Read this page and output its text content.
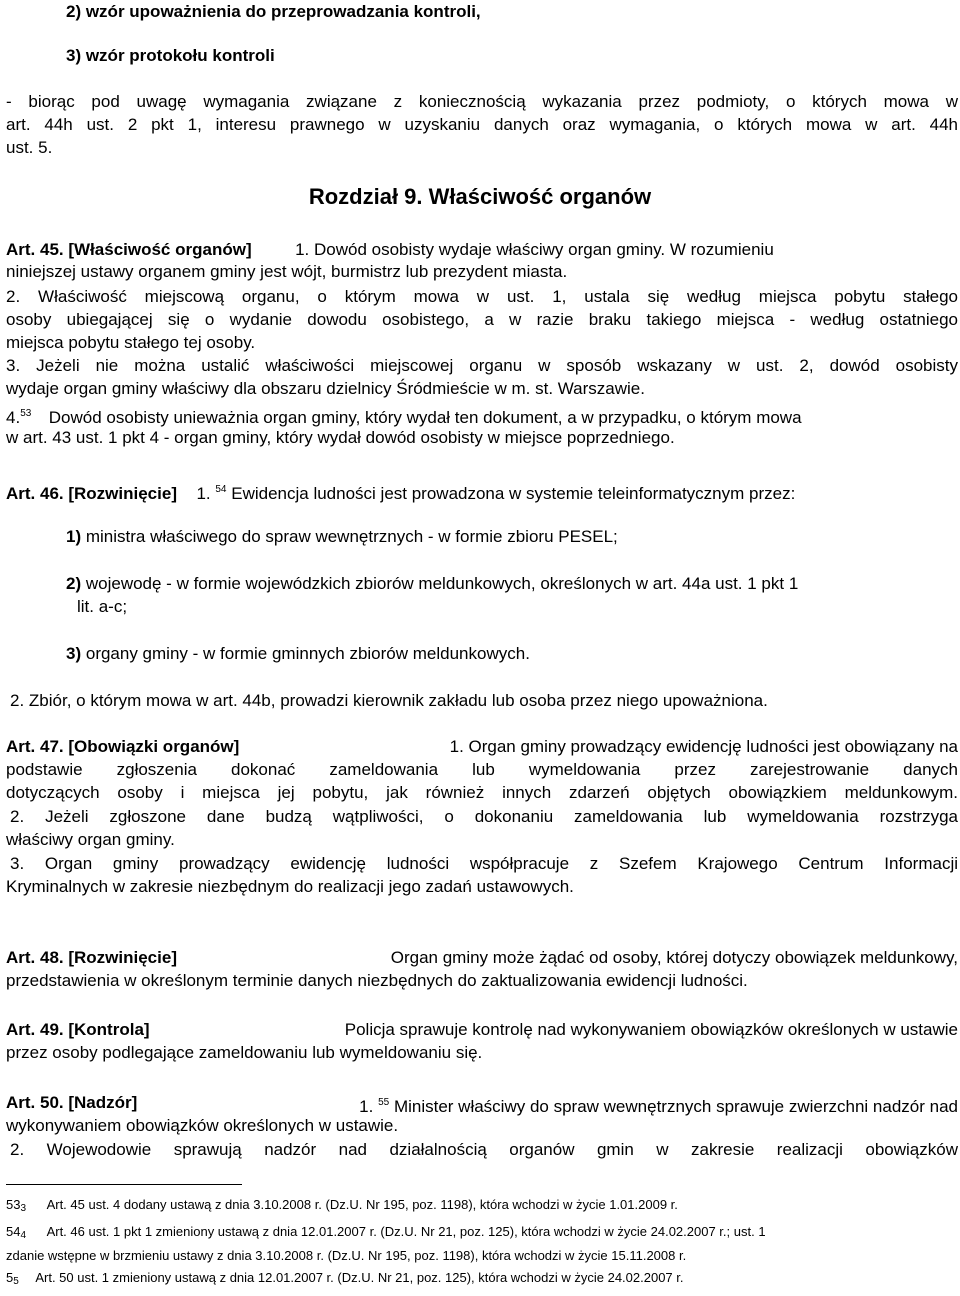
2) wzór upoważnienia do przeprowadzania kontroli,
3) wzór protokołu kontroli
- biorąc pod uwagę wymagania związane z koniecznością wykazania przez podmioty, o których mowa w
art. 44h ust. 2 pkt 1, interesu prawnego w uzyskaniu danych oraz wymagania, o których mowa w art. 44h
ust. 5.
Rozdział 9. Właściwość organów
Art. 45. [Właściwość organów]	1. Dowód osobisty wydaje właściwy organ gminy. W rozumieniu
niniejszej ustawy organem gminy jest wójt, burmistrz lub prezydent miasta.
2. Właściwość miejscową organu, o którym mowa w ust. 1, ustala się według miejsca pobytu stałego
osoby ubiegającej się o wydanie dowodu osobistego, a w razie braku takiego miejsca - według ostatniego
miejsca pobytu stałego tej osoby.
3. Jeżeli nie można ustalić właściwości miejscowej organu w sposób wskazany w ust. 2, dowód osobisty
wydaje organ gminy właściwy dla obszaru dzielnicy Śródmieście w m. st. Warszawie.
4.53 Dowód osobisty unieważnia organ gminy, który wydał ten dokument, a w przypadku, o którym mowa
w art. 43 ust. 1 pkt 4 - organ gminy, który wydał dowód osobisty w miejsce poprzedniego.
Art. 46. [Rozwinięcie] 1. $^{54}$ Ewidencja ludności jest prowadzona w systemie teleinformatycznym przez:
1) ministra właściwego do spraw wewnętrznych - w formie zbioru PESEL;
2) wojewodę - w formie wojewódzkich zbiorów meldunkowych, określonych w art. 44a ust. 1 pkt 1
lit. a-c;
3) organy gminy - w formie gminnych zbiorów meldunkowych.
2. Zbiór, o którym mowa w art. 44b, prowadzi kierownik zakładu lub osoba przez niego upoważniona.
Art. 47. [Obowiązki organów]	1. Organ gminy prowadzący ewidencję ludności jest obowiązany na
podstawie zgłoszenia dokonać zameldowania lub wymeldowania przez zarejestrowanie danych
dotyczących osoby i miejsca jej pobytu, jak również innych zdarzeń objętych obowiązkiem meldunkowym.
2. Jeżeli zgłoszone dane budzą wątpliwości, o dokonaniu zameldowania lub wymeldowania rozstrzyga
właściwy organ gminy.
3. Organ gminy prowadzący ewidencję ludności współpracuje z Szefem Krajowego Centrum Informacji
Kryminalnych w zakresie niezbędnym do realizacji jego zadań ustawowych.
Art. 48. [Rozwinięcie]	Organ gminy może żądać od osoby, której dotyczy obowiązek meldunkowy,
przedstawienia w określonym terminie danych niezbędnych do zaktualizowania ewidencji ludności.
Art. 49. [Kontrola]	Policja sprawuje kontrolę nad wykonywaniem obowiązków określonych w ustawie
przez osoby podlegające zameldowaniu lub wymeldowaniu się.
Art. 50. [Nadzór]	1. $^{55}$ Minister właściwy do spraw wewnętrznych sprawuje zwierzchni nadzór nad
wykonywaniem obowiązków określonych w ustawie.
2. Wojewodowie sprawują nadzór nad działalnością organów gmin w zakresie realizacji obowiązków
533 Art. 45 ust. 4 dodany ustawą z dnia 3.10.2008 r. (Dz.U. Nr 195, poz. 1198), która wchodzi w życie 1.01.2009 r.
544 Art. 46 ust. 1 pkt 1 zmieniony ustawą z dnia 12.01.2007 r. (Dz.U. Nr 21, poz. 125), która wchodzi w życie 24.02.2007 r.; ust. 1
zdanie wstępne w brzmieniu ustawy z dnia 3.10.2008 r. (Dz.U. Nr 195, poz. 1198), która wchodzi w życie 15.11.2008 r.
55 Art. 50 ust. 1 zmieniony ustawą z dnia 12.01.2007 r. (Dz.U. Nr 21, poz. 125), która wchodzi w życie 24.02.2007 r.
